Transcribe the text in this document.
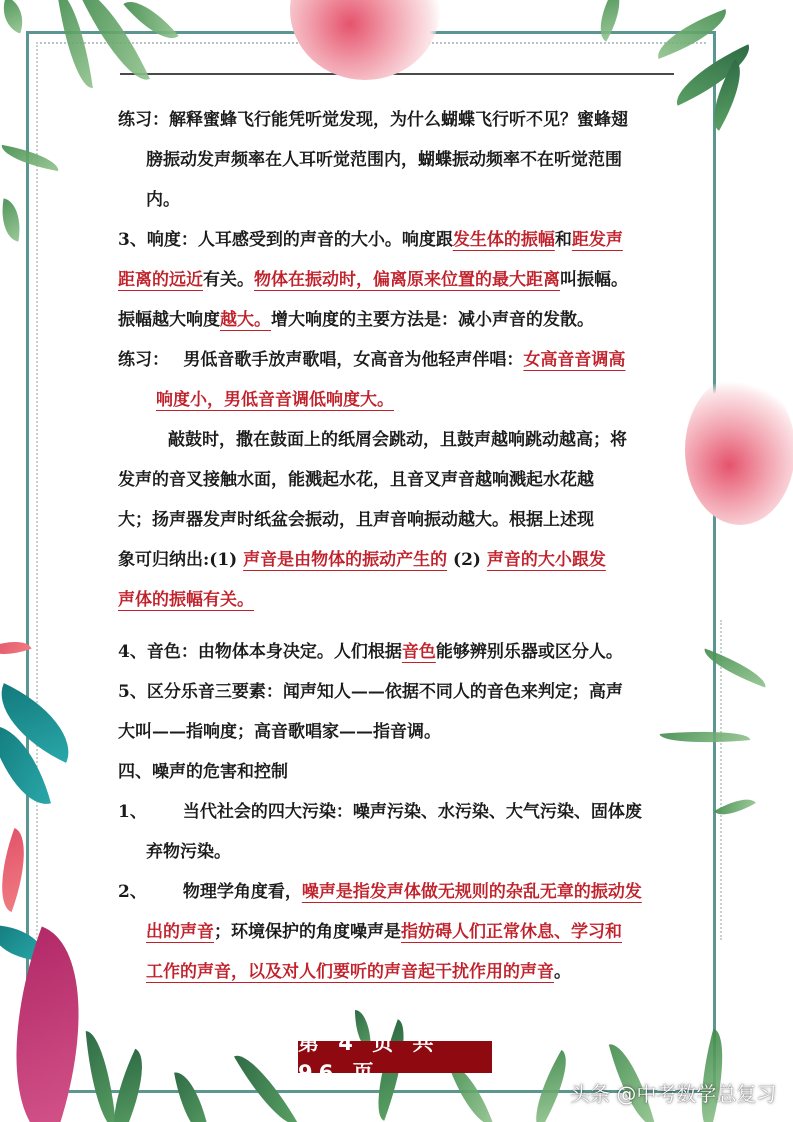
练习：解释蜜蜂飞行能凭听觉发现，为什么蝴蝶飞行听不见？蜜蜂翅
膀振动发声频率在人耳听觉范围内，蝴蝶振动频率不在听觉范围
内。

3、响度：人耳感受到的声音的大小。响度跟发生体的振幅和距发声
距离的远近有关。物体在振动时，偏离原来位置的最大距离叫振幅。
振幅越大响度越大。增大响度的主要方法是：减小声音的发散。

练习：　 男低音歌手放声歌唱，女高音为他轻声伴唱：女高音音调高
响度小，男低音音调低响度大。

敲鼓时，撒在鼓面上的纸屑会跳动，且鼓声越响跳动越高；将
发声的音叉接触水面，能溅起水花，且音叉声音越响溅起水花越
大；扬声器发声时纸盆会振动，且声音响振动越大。根据上述现
象可归纳出:(1) 声音是由物体的振动产生的 (2) 声音的大小跟发
声体的振幅有关。

4、音色：由物体本身决定。人们根据音色能够辨别乐器或区分人。

5、区分乐音三要素：闻声知人——依据不同人的音色来判定；高声
大叫——指响度；高音歌唱家——指音调。

四、噪声的危害和控制

1、 当代社会的四大污染：噪声污染、水污染、大气污染、固体废
弃物污染。

2、 物理学角度看，噪声是指发声体做无规则的杂乱无章的振动发
出的声音；环境保护的角度噪声是指妨碍人们正常休息、学习和
工作的声音，以及对人们要听的声音起干扰作用的声音。

第 4 页 共 96 页
头条 @中考数学总复习
